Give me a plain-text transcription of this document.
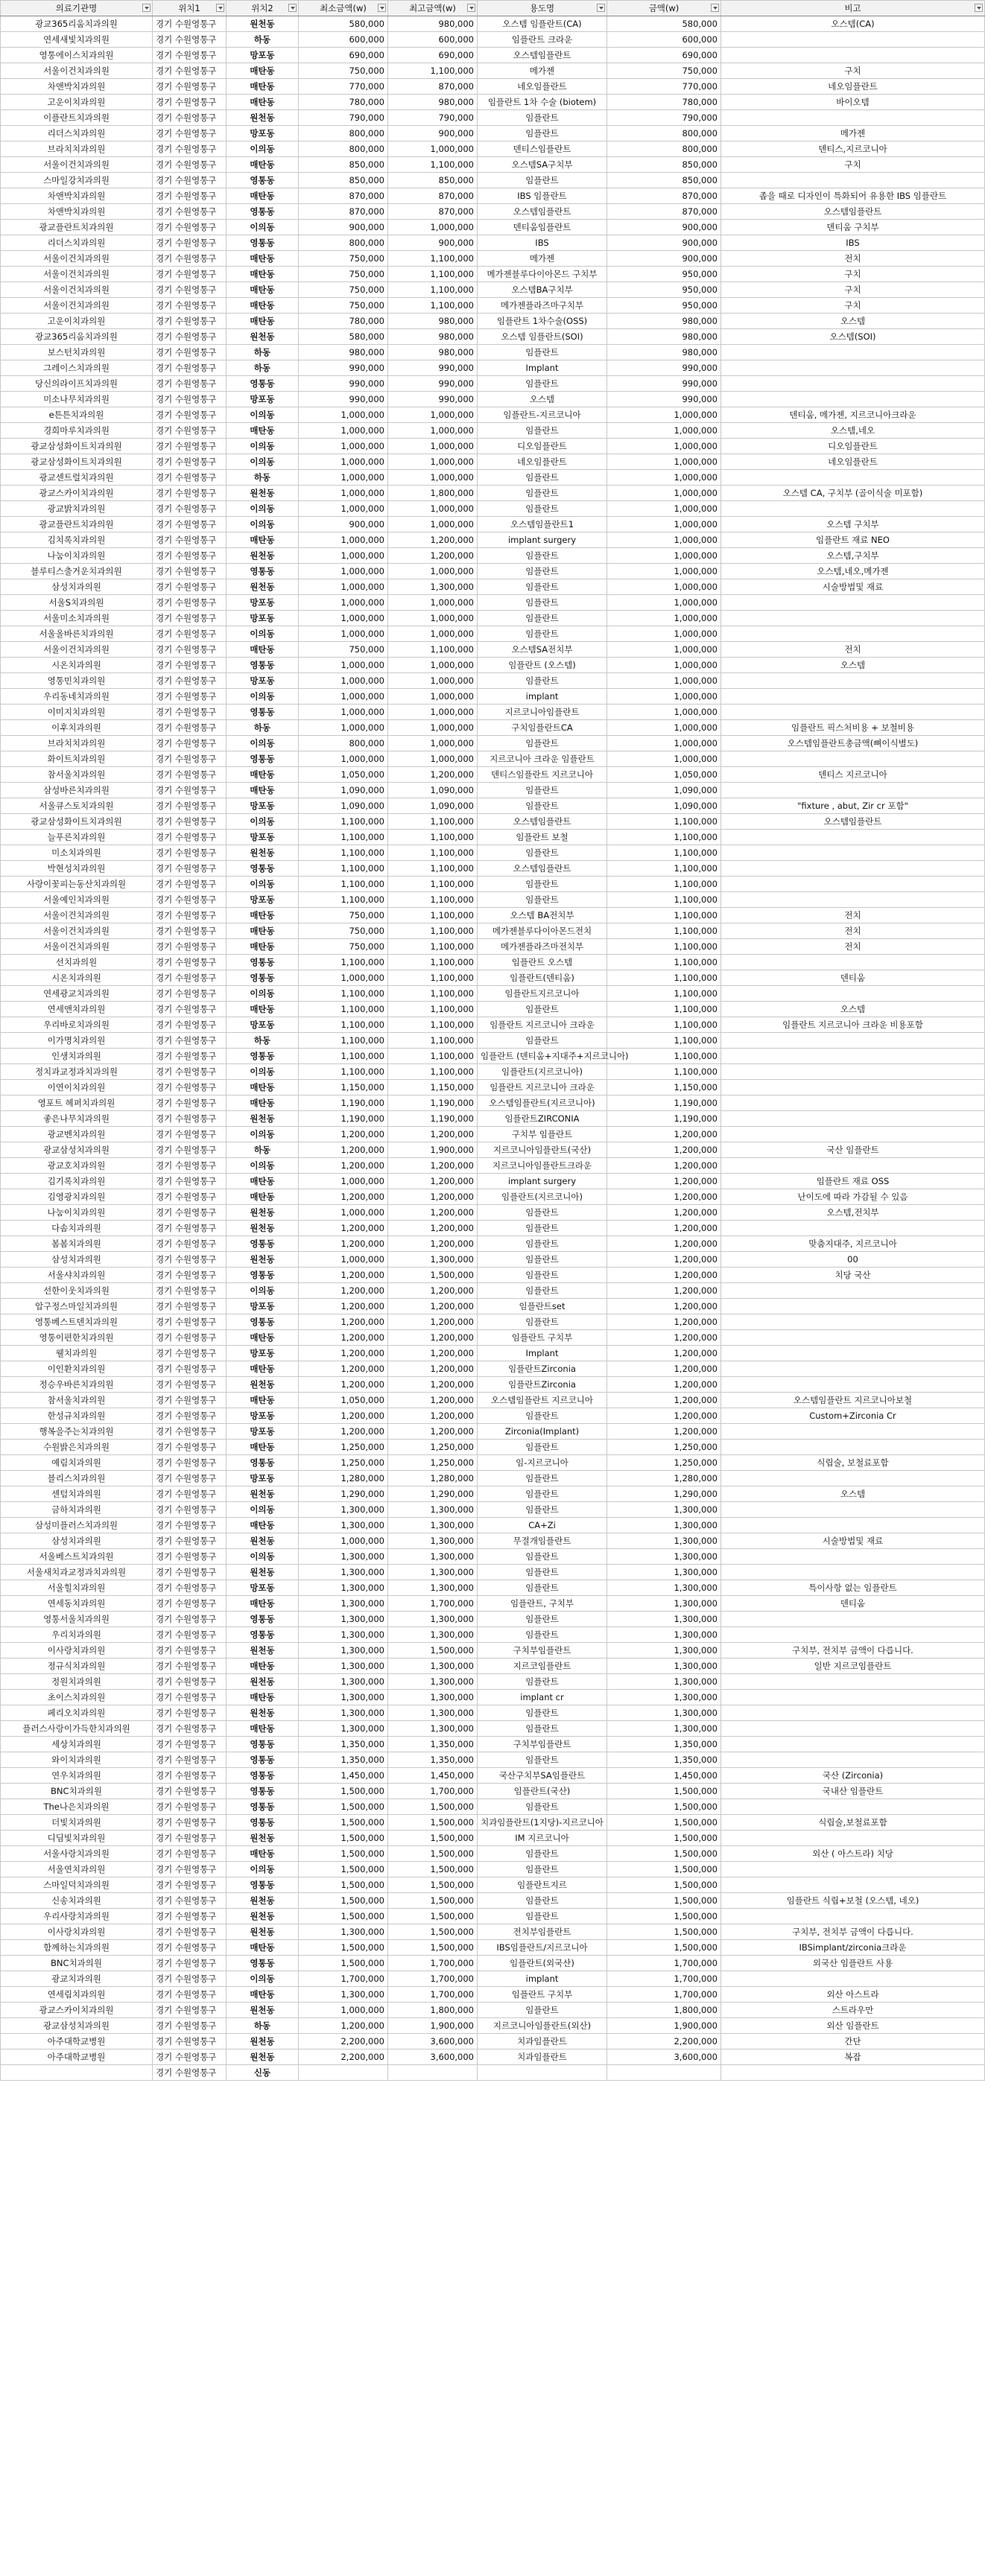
의료기관명	위치1	위치2	최소금액(w)	최고금액(w)	용도명	금액(w)	비고

광교365리움치과의원	경기 수원영통구	원천동	580,000	980,000	오스템 임플란트(CA)	580,000	오스템(CA)
연세새빛치과의원	경기 수원영통구	하동	600,000	600,000	임플란트 크라운	600,000	
영통에이스치과의원	경기 수원영통구	망포동	690,000	690,000	오스템임플란트	690,000	
서울이건치과의원	경기 수원영통구	매탄동	750,000	1,100,000	메가젠	750,000	구치
차앤박치과의원	경기 수원영통구	매탄동	770,000	870,000	네오임플란트	770,000	네오임플란트
고운이치과의원	경기 수원영통구	매탄동	780,000	980,000	임플란트 1차 수술 (biotem)	780,000	바이오템
이플란트치과의원	경기 수원영통구	원천동	790,000	790,000	임플란트	790,000	
리더스치과의원	경기 수원영통구	망포동	800,000	900,000	임플란트	800,000	메가젠
브라치치과의원	경기 수원영통구	이의동	800,000	1,000,000	덴티스임플란트	800,000	덴티스,지르코니아
서울이건치과의원	경기 수원영통구	매탄동	850,000	1,100,000	오스템SA구치부	850,000	구치
스마일강치과의원	경기 수원영통구	영통동	850,000	850,000	임플란트	850,000	
차앤박치과의원	경기 수원영통구	매탄동	870,000	870,000	IBS 임플란트	870,000	좁을 때로 디자인이 특화되어 유용한 IBS 임플란트
차앤박치과의원	경기 수원영통구	영통동	870,000	870,000	오스템임플란트	870,000	오스템임플란트
광교플란트치과의원	경기 수원영통구	이의동	900,000	1,000,000	덴티움임플란트	900,000	덴티움 구치부
리더스치과의원	경기 수원영통구	영통동	800,000	900,000	IBS	900,000	IBS
서울이건치과의원	경기 수원영통구	매탄동	750,000	1,100,000	메가젠	900,000	전치
서울이건치과의원	경기 수원영통구	매탄동	750,000	1,100,000	메가젠블루다이아몬드 구치부	950,000	구치
서울이건치과의원	경기 수원영통구	매탄동	750,000	1,100,000	오스템BA구치부	950,000	구치
서울이건치과의원	경기 수원영통구	매탄동	750,000	1,100,000	메가젠플라즈마구치부	950,000	구치
고운이치과의원	경기 수원영통구	매탄동	780,000	980,000	임플란트 1차수술(OSS)	980,000	오스템
광교365리움치과의원	경기 수원영통구	원천동	580,000	980,000	오스템 임플란트(SOI)	980,000	오스템(SOI)
보스턴치과의원	경기 수원영통구	하동	980,000	980,000	임플란트	980,000	
그레이스치과의원	경기 수원영통구	하동	990,000	990,000	Implant	990,000	
당신의라이프치과의원	경기 수원영통구	영통동	990,000	990,000	임플란트	990,000	
미소나무치과의원	경기 수원영통구	망포동	990,000	990,000	오스템	990,000	
e튼튼치과의원	경기 수원영통구	이의동	1,000,000	1,000,000	임플란트-지르코니아	1,000,000	덴티움, 메가젠, 지르코니아크라운
경희마루치과의원	경기 수원영통구	매탄동	1,000,000	1,000,000	임플란트	1,000,000	오스템,네오
광교삼성화이트치과의원	경기 수원영통구	이의동	1,000,000	1,000,000	디오임플란트	1,000,000	디오임플란트
광교삼성화이트치과의원	경기 수원영통구	이의동	1,000,000	1,000,000	네오임플란트	1,000,000	네오임플란트
광교센트럴치과의원	경기 수원영통구	하동	1,000,000	1,000,000	임플란트	1,000,000	
광교스카이치과의원	경기 수원영통구	원천동	1,000,000	1,800,000	임플란트	1,000,000	오스템 CA, 구치부 (골이식술 미포함)
광교밝치과의원	경기 수원영통구	이의동	1,000,000	1,000,000	임플란트	1,000,000	
광교플란트치과의원	경기 수원영통구	이의동	900,000	1,000,000	오스템임플란트1	1,000,000	오스템 구치부
김치록치과의원	경기 수원영통구	매탄동	1,000,000	1,200,000	implant surgery	1,000,000	임플란트 재료 NEO
나눔이치과의원	경기 수원영통구	원천동	1,000,000	1,200,000	임플란트	1,000,000	오스템,구치부
블루티스출거운치과의원	경기 수원영통구	영통동	1,000,000	1,000,000	임플란트	1,000,000	오스템,네오,메가젠
삼성치과의원	경기 수원영통구	원천동	1,000,000	1,300,000	임플란트	1,000,000	시술방법및 재료
서울S치과의원	경기 수원영통구	망포동	1,000,000	1,000,000	임플란트	1,000,000	
서울미소치과의원	경기 수원영통구	망포동	1,000,000	1,000,000	임플란트	1,000,000	
서울올바른치과의원	경기 수원영통구	이의동	1,000,000	1,000,000	임플란트	1,000,000	
서울이건치과의원	경기 수원영통구	매탄동	750,000	1,100,000	오스템SA전치부	1,000,000	전치
시온치과의원	경기 수원영통구	영통동	1,000,000	1,000,000	임플란트 (오스템)	1,000,000	오스템
영통민치과의원	경기 수원영통구	망포동	1,000,000	1,000,000	임플란트	1,000,000	
우리동네치과의원	경기 수원영통구	이의동	1,000,000	1,000,000	implant	1,000,000	
이미지치과의원	경기 수원영통구	영통동	1,000,000	1,000,000	지르코니아임플란트	1,000,000	
이후치과의원	경기 수원영통구	하동	1,000,000	1,000,000	구치임플란트CA	1,000,000	임플란트 픽스처비용 + 보철비용
브라치치과의원	경기 수원영통구	이의동	800,000	1,000,000	임플란트	1,000,000	오스템임플란트총금액(뼈이식별도)
화이트치과의원	경기 수원영통구	영통동	1,000,000	1,000,000	지르코니아 크라운 임플란트	1,000,000	
참서울치과의원	경기 수원영통구	매탄동	1,050,000	1,200,000	덴티스임플란트 지르코니아	1,050,000	덴티스 지르코니아
삼성바른치과의원	경기 수원영통구	매탄동	1,090,000	1,090,000	임플란트	1,090,000	
서울큐스토치과의원	경기 수원영통구	망포동	1,090,000	1,090,000	임플란트	1,090,000	"fixture , abut, Zir cr 포함"
광교삼성화이트치과의원	경기 수원영통구	이의동	1,100,000	1,100,000	오스템임플란트	1,100,000	오스템임플란트
늘푸른치과의원	경기 수원영통구	망포동	1,100,000	1,100,000	임플란트 보철	1,100,000	
미소치과의원	경기 수원영통구	원천동	1,100,000	1,100,000	임플란트	1,100,000	
박현성치과의원	경기 수원영통구	영통동	1,100,000	1,100,000	오스템임플란트	1,100,000	
사랑이꽃피는동산치과의원	경기 수원영통구	이의동	1,100,000	1,100,000	임플란트	1,100,000	
서울예인치과의원	경기 수원영통구	망포동	1,100,000	1,100,000	임플란트	1,100,000	
서울이건치과의원	경기 수원영통구	매탄동	750,000	1,100,000	오스템 BA전치부	1,100,000	전치
서울이건치과의원	경기 수원영통구	매탄동	750,000	1,100,000	메가젠블루다이아몬드전치	1,100,000	전치
서울이건치과의원	경기 수원영통구	매탄동	750,000	1,100,000	메가젠플라즈마전치부	1,100,000	전치
선치과의원	경기 수원영통구	영통동	1,100,000	1,100,000	임플란트 오스템	1,100,000	
시온치과의원	경기 수원영통구	영통동	1,000,000	1,100,000	임플란트(덴티움)	1,100,000	덴티움
연세광교치과의원	경기 수원영통구	이의동	1,100,000	1,100,000	임플란트지르코니아	1,100,000	
연세앤치과의원	경기 수원영통구	매탄동	1,100,000	1,100,000	임플란트	1,100,000	오스템
우리바로치과의원	경기 수원영통구	망포동	1,100,000	1,100,000	임플란트 지르코니아 크라운	1,100,000	임플란트 지르코니아 크라운 비용포함
이가명치과의원	경기 수원영통구	하동	1,100,000	1,100,000	임플란트	1,100,000	
인생치과의원	경기 수원영통구	영통동	1,100,000	1,100,000	임플란트 (덴티움+지대주+지르코니아)	1,100,000	
정치과교정과치과의원	경기 수원영통구	이의동	1,100,000	1,100,000	임플란트(지르코니아)	1,100,000	
이연이치과의원	경기 수원영통구	매탄동	1,150,000	1,150,000	임플란트 지르코니아 크라운	1,150,000	
영포트 헤퍼치과의원	경기 수원영통구	매탄동	1,190,000	1,190,000	오스템임플란트(지르코니아)	1,190,000	
좋은나무치과의원	경기 수원영통구	원천동	1,190,000	1,190,000	임플란트ZIRCONIA	1,190,000	
광교벤치과의원	경기 수원영통구	이의동	1,200,000	1,200,000	구치부 임플란트	1,200,000	
광교삼성치과의원	경기 수원영통구	하동	1,200,000	1,900,000	지르코니아임플란트(국산)	1,200,000	국산 임플란트
광교호치과의원	경기 수원영통구	이의동	1,200,000	1,200,000	지르코니아임플란트크라운	1,200,000	
김기록치과의원	경기 수원영통구	매탄동	1,000,000	1,200,000	implant surgery	1,200,000	임플란트 재료 OSS
김영광치과의원	경기 수원영통구	매탄동	1,200,000	1,200,000	임플란트(지르코니아)	1,200,000	난이도에 따라 가감될 수 있음
나눔이치과의원	경기 수원영통구	원천동	1,000,000	1,200,000	임플란트	1,200,000	오스템,전치부
다솜치과의원	경기 수원영통구	원천동	1,200,000	1,200,000	임플란트	1,200,000	
봄봄치과의원	경기 수원영통구	영통동	1,200,000	1,200,000	임플란트	1,200,000	맞춤지대주, 지르코니아
삼성치과의원	경기 수원영통구	원천동	1,000,000	1,300,000	임플란트	1,200,000	00
서울샤치과의원	경기 수원영통구	영통동	1,200,000	1,500,000	임플란트	1,200,000	치당 국산
선한이웃치과의원	경기 수원영통구	이의동	1,200,000	1,200,000	임플란트	1,200,000	
압구정스마일치과의원	경기 수원영통구	망포동	1,200,000	1,200,000	임플란트set	1,200,000	
영통베스트덴치과의원	경기 수원영통구	영통동	1,200,000	1,200,000	임플란트	1,200,000	
영통이편한치과의원	경기 수원영통구	매탄동	1,200,000	1,200,000	임플란트 구치부	1,200,000	
웰치과의원	경기 수원영통구	망포동	1,200,000	1,200,000	Implant	1,200,000	
이인환치과의원	경기 수원영통구	매탄동	1,200,000	1,200,000	임플란트Zirconia	1,200,000	
정승우바른치과의원	경기 수원영통구	원천동	1,200,000	1,200,000	임플란트Zirconia	1,200,000	
참서울치과의원	경기 수원영통구	매탄동	1,050,000	1,200,000	오스템임플란트 지르코니아	1,200,000	오스템임플란트 지르코니아보철
한성규치과의원	경기 수원영통구	망포동	1,200,000	1,200,000	임플란트	1,200,000	Custom+Zirconia Cr
행복을주는치과의원	경기 수원영통구	망포동	1,200,000	1,200,000	Zirconia(Implant)	1,200,000	
수원밝은치과의원	경기 수원영통구	매탄동	1,250,000	1,250,000	임플란트	1,250,000	
예림치과의원	경기 수원영통구	영통동	1,250,000	1,250,000	임-지르코니아	1,250,000	식립술, 보철료포함
블리스치과의원	경기 수원영통구	망포동	1,280,000	1,280,000	임플란트	1,280,000	
센텀치과의원	경기 수원영통구	원천동	1,290,000	1,290,000	임플란트	1,290,000	오스템
금하치과의원	경기 수원영통구	이의동	1,300,000	1,300,000	임플란트	1,300,000	
삼성미플러스치과의원	경기 수원영통구	매탄동	1,300,000	1,300,000	CA+Zi	1,300,000	
삼성치과의원	경기 수원영통구	원천동	1,000,000	1,300,000	무절개임플란트	1,300,000	시술방법및 재료
서울베스트치과의원	경기 수원영통구	이의동	1,300,000	1,300,000	임플란트	1,300,000	
서울새치과교정과치과의원	경기 수원영통구	원천동	1,300,000	1,300,000	임플란트	1,300,000	
서울힐치과의원	경기 수원영통구	망포동	1,300,000	1,300,000	임플란트	1,300,000	특이사항 없는 임플란트
연세동치과의원	경기 수원영통구	매탄동	1,300,000	1,700,000	임플란트, 구치부	1,300,000	덴티움
영통서울치과의원	경기 수원영통구	영통동	1,300,000	1,300,000	임플란트	1,300,000	
우리치과의원	경기 수원영통구	영통동	1,300,000	1,300,000	임플란트	1,300,000	
이사랑치과의원	경기 수원영통구	원천동	1,300,000	1,500,000	구치부임플란트	1,300,000	구치부, 전치부 금액이 다릅니다.
정규식치과의원	경기 수원영통구	매탄동	1,300,000	1,300,000	지르코임플란트	1,300,000	일반 지르코임플란트
정원치과의원	경기 수원영통구	원천동	1,300,000	1,300,000	임플란트	1,300,000	
초이스치과의원	경기 수원영통구	매탄동	1,300,000	1,300,000	implant cr	1,300,000	
페리오치과의원	경기 수원영통구	원천동	1,300,000	1,300,000	임플란트	1,300,000	
플러스사랑이가득한치과의원	경기 수원영통구	매탄동	1,300,000	1,300,000	임플란트	1,300,000	
세상치과의원	경기 수원영통구	영통동	1,350,000	1,350,000	구치부임플란트	1,350,000	
와이치과의원	경기 수원영통구	영통동	1,350,000	1,350,000	임플란트	1,350,000	
연우치과의원	경기 수원영통구	영통동	1,450,000	1,450,000	국산구치부SA임플란트	1,450,000	국산 (Zirconia)
BNC치과의원	경기 수원영통구	영통동	1,500,000	1,700,000	임플란트(국산)	1,500,000	국내산 임플란트
The나은치과의원	경기 수원영통구	영통동	1,500,000	1,500,000	임플란트	1,500,000	
더빛치과의원	경기 수원영통구	영통동	1,500,000	1,500,000	치과임플란트(1지당)-지르코니아	1,500,000	식립술,보철료포함
디딤빛치과의원	경기 수원영통구	원천동	1,500,000	1,500,000	IM 지르코니아	1,500,000	
서울사랑치과의원	경기 수원영통구	매탄동	1,500,000	1,500,000	임플란트	1,500,000	외산 ( 아스트라) 치당
서울연치과의원	경기 수원영통구	이의동	1,500,000	1,500,000	임플란트	1,500,000	
스마일덕치과의원	경기 수원영통구	영통동	1,500,000	1,500,000	임플란트지르	1,500,000	
신송치과의원	경기 수원영통구	원천동	1,500,000	1,500,000	임플란트	1,500,000	임플란트 식립+보철 (오스템, 네오)
우리사랑치과의원	경기 수원영통구	원천동	1,500,000	1,500,000	임플란트	1,500,000	
이사랑치과의원	경기 수원영통구	원천동	1,300,000	1,500,000	전치부임플란트	1,500,000	구치부, 전치부 금액이 다릅니다.
함께하는치과의원	경기 수원영통구	매탄동	1,500,000	1,500,000	IBS임플란트/지르코니아	1,500,000	IBSimplant/zirconia크라운
BNC치과의원	경기 수원영통구	영통동	1,500,000	1,700,000	임플란트(외국산)	1,700,000	외국산 임플란트 사용
광교치과의원	경기 수원영통구	이의동	1,700,000	1,700,000	implant	1,700,000	
연세림치과의원	경기 수원영통구	매탄동	1,300,000	1,700,000	임플란트 구치부	1,700,000	외산 아스트라
광교스카이치과의원	경기 수원영통구	원천동	1,000,000	1,800,000	임플란트	1,800,000	스트라우만
광교삼성치과의원	경기 수원영통구	하동	1,200,000	1,900,000	지르코니아임플란트(외산)	1,900,000	외산 임플란트
아주대학교병원	경기 수원영통구	원천동	2,200,000	3,600,000	치과임플란트	2,200,000	간단
아주대학교병원	경기 수원영통구	원천동	2,200,000	3,600,000	치과임플란트	3,600,000	복잡
	경기 수원영통구	신동					
